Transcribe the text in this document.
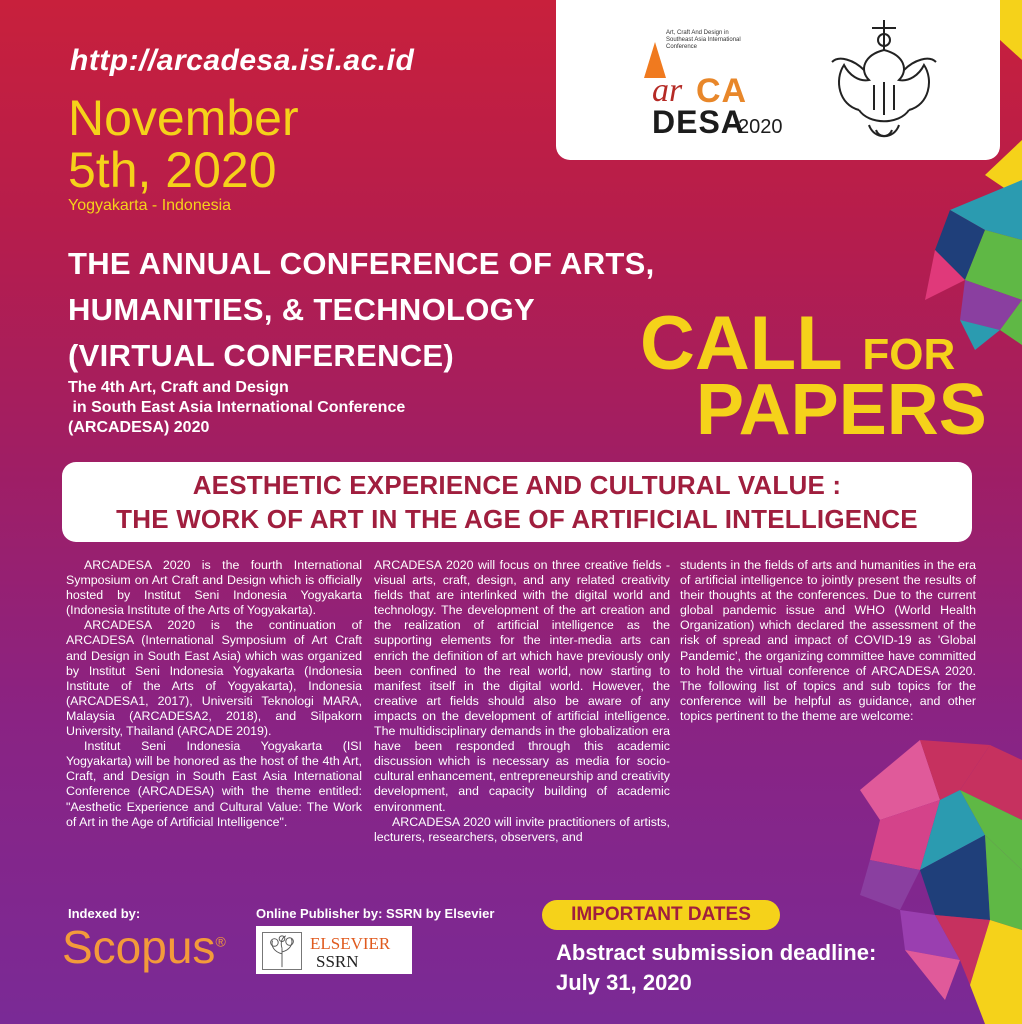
Art, Craft And Design in Southeast Asia International Conference
ar CA
DESA
2020
http://arcadesa.isi.ac.id
November
5th, 2020
Yogyakarta - Indonesia
THE ANNUAL CONFERENCE OF ARTS,
HUMANITIES, & TECHNOLOGY
(VIRTUAL CONFERENCE)
The 4th Art, Craft and Design
in South East Asia International Conference
(ARCADESA) 2020
CALL FOR
PAPERS
AESTHETIC EXPERIENCE AND CULTURAL VALUE :
THE WORK OF ART IN THE AGE OF ARTIFICIAL INTELLIGENCE

ARCADESA 2020 is the fourth International Symposium on Art Craft and Design which is officially hosted by Institut Seni Indonesia Yogyakarta (Indonesia Institute of the Arts of Yogyakarta).

ARCADESA 2020 is the continuation of ARCADESA (International Symposium of Art Craft and Design in South East Asia) which was organized by Institut Seni Indonesia Yogyakarta (Indonesia Institute of the Arts of Yogyakarta), Indonesia (ARCADESA1, 2017), Universiti Teknologi MARA, Malaysia (ARCADESA2, 2018), and Silpakorn University, Thailand (ARCADE 2019).

Institut Seni Indonesia Yogyakarta (ISI Yogyakarta) will be honored as the host of the 4th Art, Craft, and Design in South East Asia International Conference (ARCADESA) with the theme entitled: "Aesthetic Experience and Cultural Value: The Work of Art in the Age of Artificial Intelligence".

ARCADESA 2020 will focus on three creative fields - visual arts, craft, design, and any related creativity fields that are interlinked with the digital world and technology. The development of the art creation and the realization of artificial intelligence as the supporting elements for the inter-media arts can enrich the definition of art which have previously only been confined to the real world, now starting to manifest itself in the digital world. However, the creative art fields should also be aware of any impacts on the development of artificial intelligence. The multidisciplinary demands in the globalization era have been responded through this academic discussion which is necessary as media for socio-cultural enhancement, entrepreneurship and creativity development, and capacity building of academic environment.

ARCADESA 2020 will invite practitioners of artists, lecturers, researchers, observers, and

students in the fields of arts and humanities in the era of artificial intelligence to jointly present the results of their thoughts at the conferences. Due to the current global pandemic issue and WHO (World Health Organization) which declared the assessment of the risk of spread and impact of COVID-19 as 'Global Pandemic', the organizing committee have committed to hold the virtual conference of ARCADESA 2020. The following list of topics and sub topics for the conference will be helpful as guidance, and other topics pertinent to the theme are welcome:

Indexed by:
Scopus®
Online Publisher by: SSRN by Elsevier
ELSEVIER
SSRN
IMPORTANT DATES
Abstract submission deadline:
July 31, 2020
